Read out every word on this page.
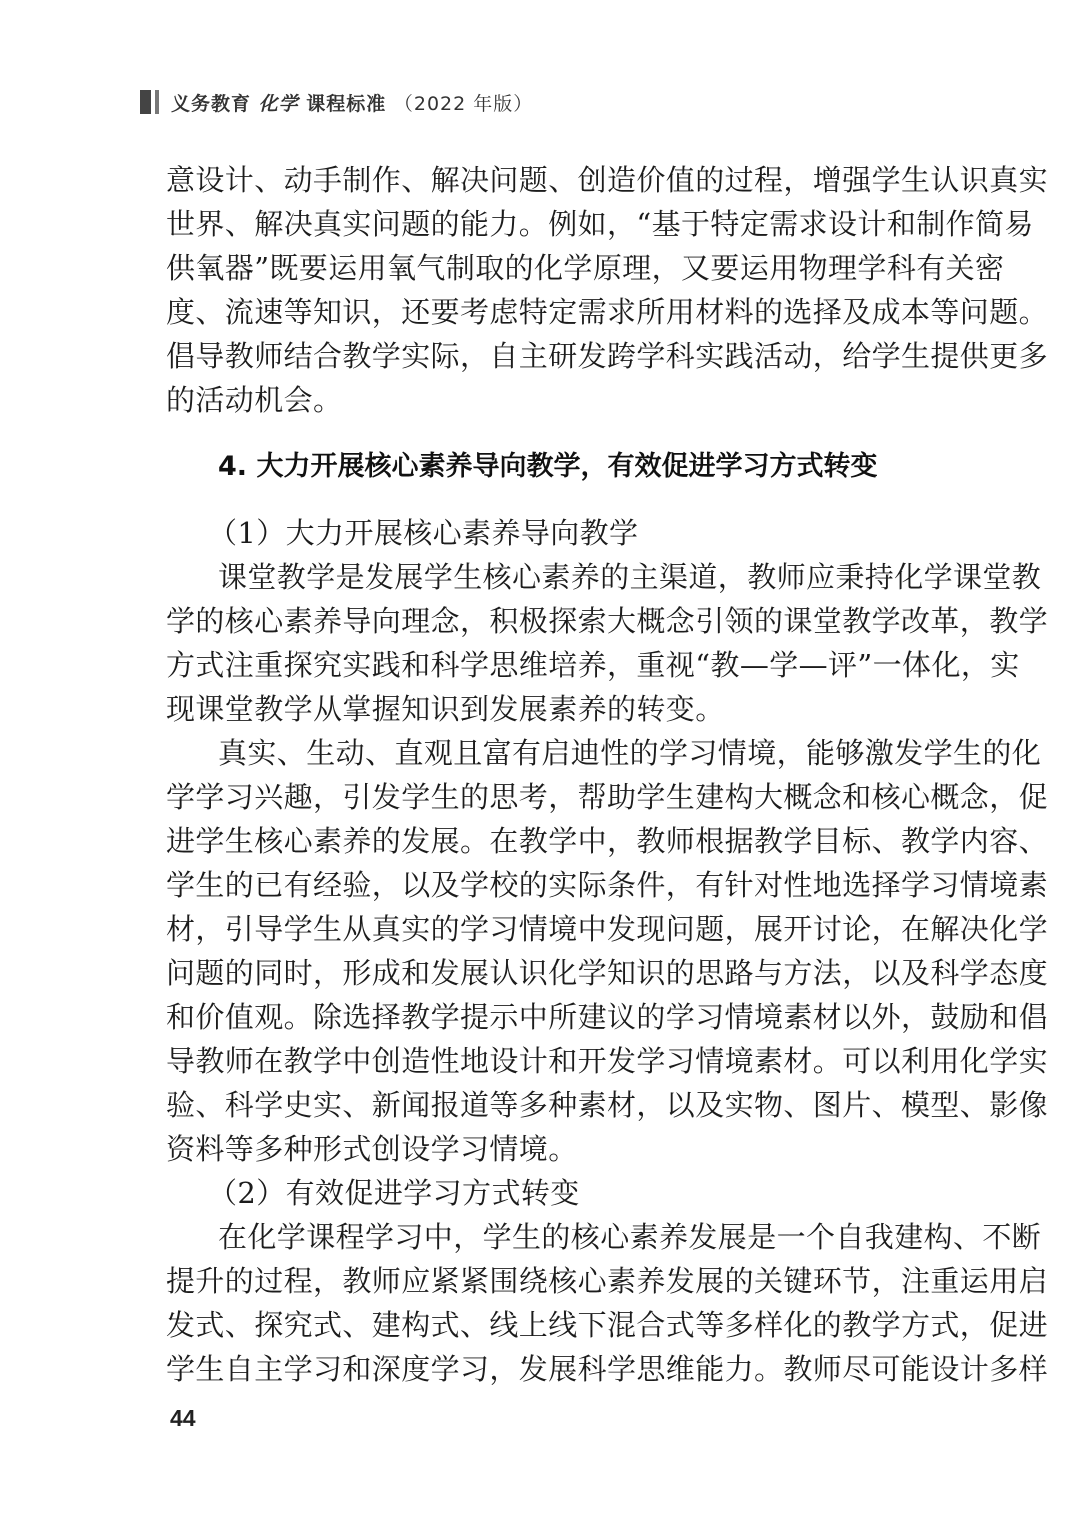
义务教育 化学 课程标准 （2022 年版）
意设计、动手制作、解决问题、创造价值的过程，增强学生认识真实
世界、解决真实问题的能力。例如，“基于特定需求设计和制作简易
供氧器”既要运用氧气制取的化学原理，又要运用物理学科有关密
度、流速等知识，还要考虑特定需求所用材料的选择及成本等问题。
倡导教师结合教学实际，自主研发跨学科实践活动，给学生提供更多
的活动机会。
4. 大力开展核心素养导向教学，有效促进学习方式转变
（1）大力开展核心素养导向教学
课堂教学是发展学生核心素养的主渠道，教师应秉持化学课堂教
学的核心素养导向理念，积极探索大概念引领的课堂教学改革，教学
方式注重探究实践和科学思维培养，重视“教—学—评”一体化，实
现课堂教学从掌握知识到发展素养的转变。
真实、生动、直观且富有启迪性的学习情境，能够激发学生的化
学学习兴趣，引发学生的思考，帮助学生建构大概念和核心概念，促
进学生核心素养的发展。在教学中，教师根据教学目标、教学内容、
学生的已有经验，以及学校的实际条件，有针对性地选择学习情境素
材，引导学生从真实的学习情境中发现问题，展开讨论，在解决化学
问题的同时，形成和发展认识化学知识的思路与方法，以及科学态度
和价值观。除选择教学提示中所建议的学习情境素材以外，鼓励和倡
导教师在教学中创造性地设计和开发学习情境素材。可以利用化学实
验、科学史实、新闻报道等多种素材，以及实物、图片、模型、影像
资料等多种形式创设学习情境。
（2）有效促进学习方式转变
在化学课程学习中，学生的核心素养发展是一个自我建构、不断
提升的过程，教师应紧紧围绕核心素养发展的关键环节，注重运用启
发式、探究式、建构式、线上线下混合式等多样化的教学方式，促进
学生自主学习和深度学习，发展科学思维能力。教师尽可能设计多样
44
